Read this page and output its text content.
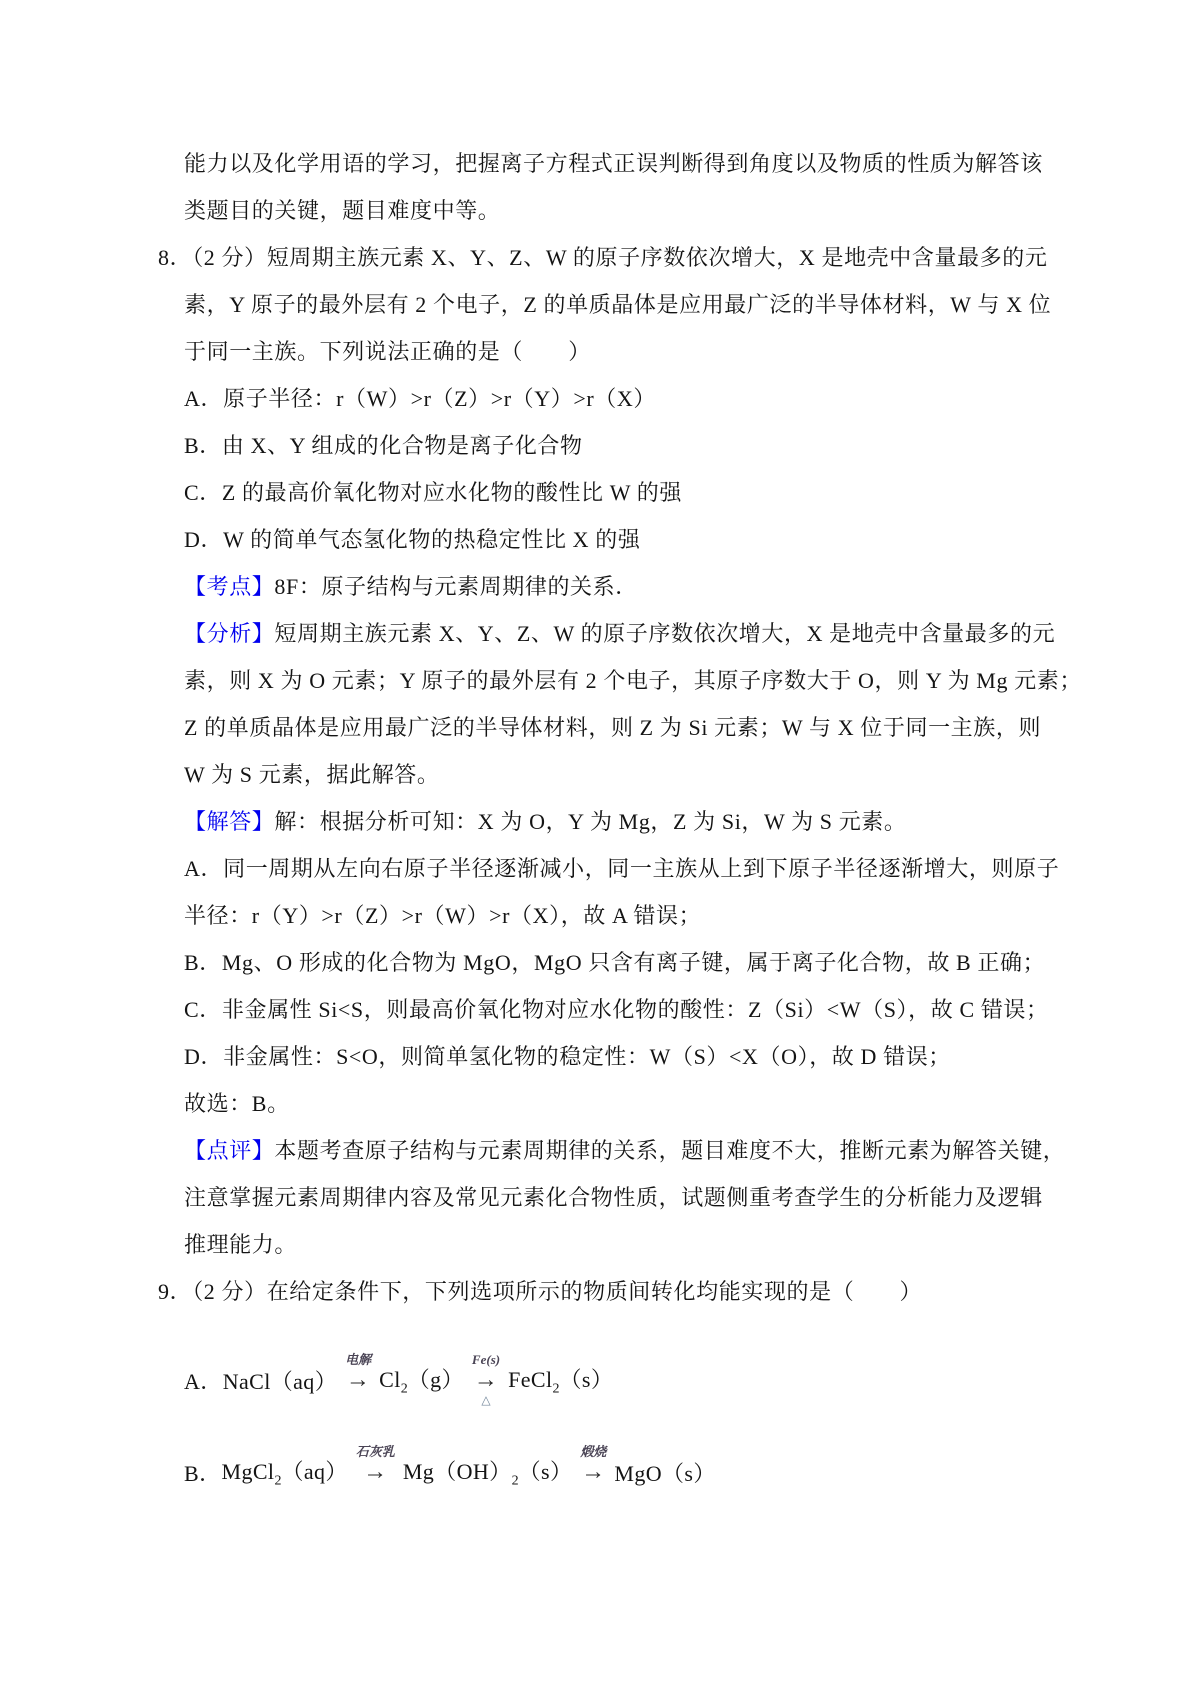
能力以及化学用语的学习，把握离子方程式正误判断得到角度以及物质的性质为解答该
类题目的关键，题目难度中等。
8．（2 分）短周期主族元素 X、Y、Z、W 的原子序数依次增大，X 是地壳中含量最多的元
素，Y 原子的最外层有 2 个电子，Z 的单质晶体是应用最广泛的半导体材料，W 与 X 位
于同一主族。下列说法正确的是（　　）
A．原子半径：r（W）>r（Z）>r（Y）>r（X）
B．由 X、Y 组成的化合物是离子化合物
C．Z 的最高价氧化物对应水化物的酸性比 W 的强
D．W 的简单气态氢化物的热稳定性比 X 的强
【考点】8F：原子结构与元素周期律的关系．
【分析】短周期主族元素 X、Y、Z、W 的原子序数依次增大，X 是地壳中含量最多的元
素，则 X 为 O 元素；Y 原子的最外层有 2 个电子，其原子序数大于 O，则 Y 为 Mg 元素；
Z 的单质晶体是应用最广泛的半导体材料，则 Z 为 Si 元素；W 与 X 位于同一主族，则
W 为 S 元素，据此解答。
【解答】解：根据分析可知：X 为 O，Y 为 Mg，Z 为 Si，W 为 S 元素。
A．同一周期从左向右原子半径逐渐减小，同一主族从上到下原子半径逐渐增大，则原子
半径：r（Y）>r（Z）>r（W）>r（X），故 A 错误；
B．Mg、O 形成的化合物为 MgO，MgO 只含有离子键，属于离子化合物，故 B 正确；
C．非金属性 Si<S，则最高价氧化物对应水化物的酸性：Z（Si）<W（S），故 C 错误；
D．非金属性：S<O，则简单氢化物的稳定性：W（S）<X（O），故 D 错误；
故选：B。
【点评】本题考查原子结构与元素周期律的关系，题目难度不大，推断元素为解答关键，
注意掌握元素周期律内容及常见元素化合物性质，试题侧重考查学生的分析能力及逻辑
推理能力。
9．（2 分）在给定条件下，下列选项所示的物质间转化均能实现的是（　　）
A． NaCl（aq）
电解
→ $Cl_2(g)$
Fe(s)
→
△
FeCl$_2$（s）
B． MgCl$_2$（aq）
石灰乳
→ $Mg(OH)_2(s)$
煅烧
→ MgO（s）
